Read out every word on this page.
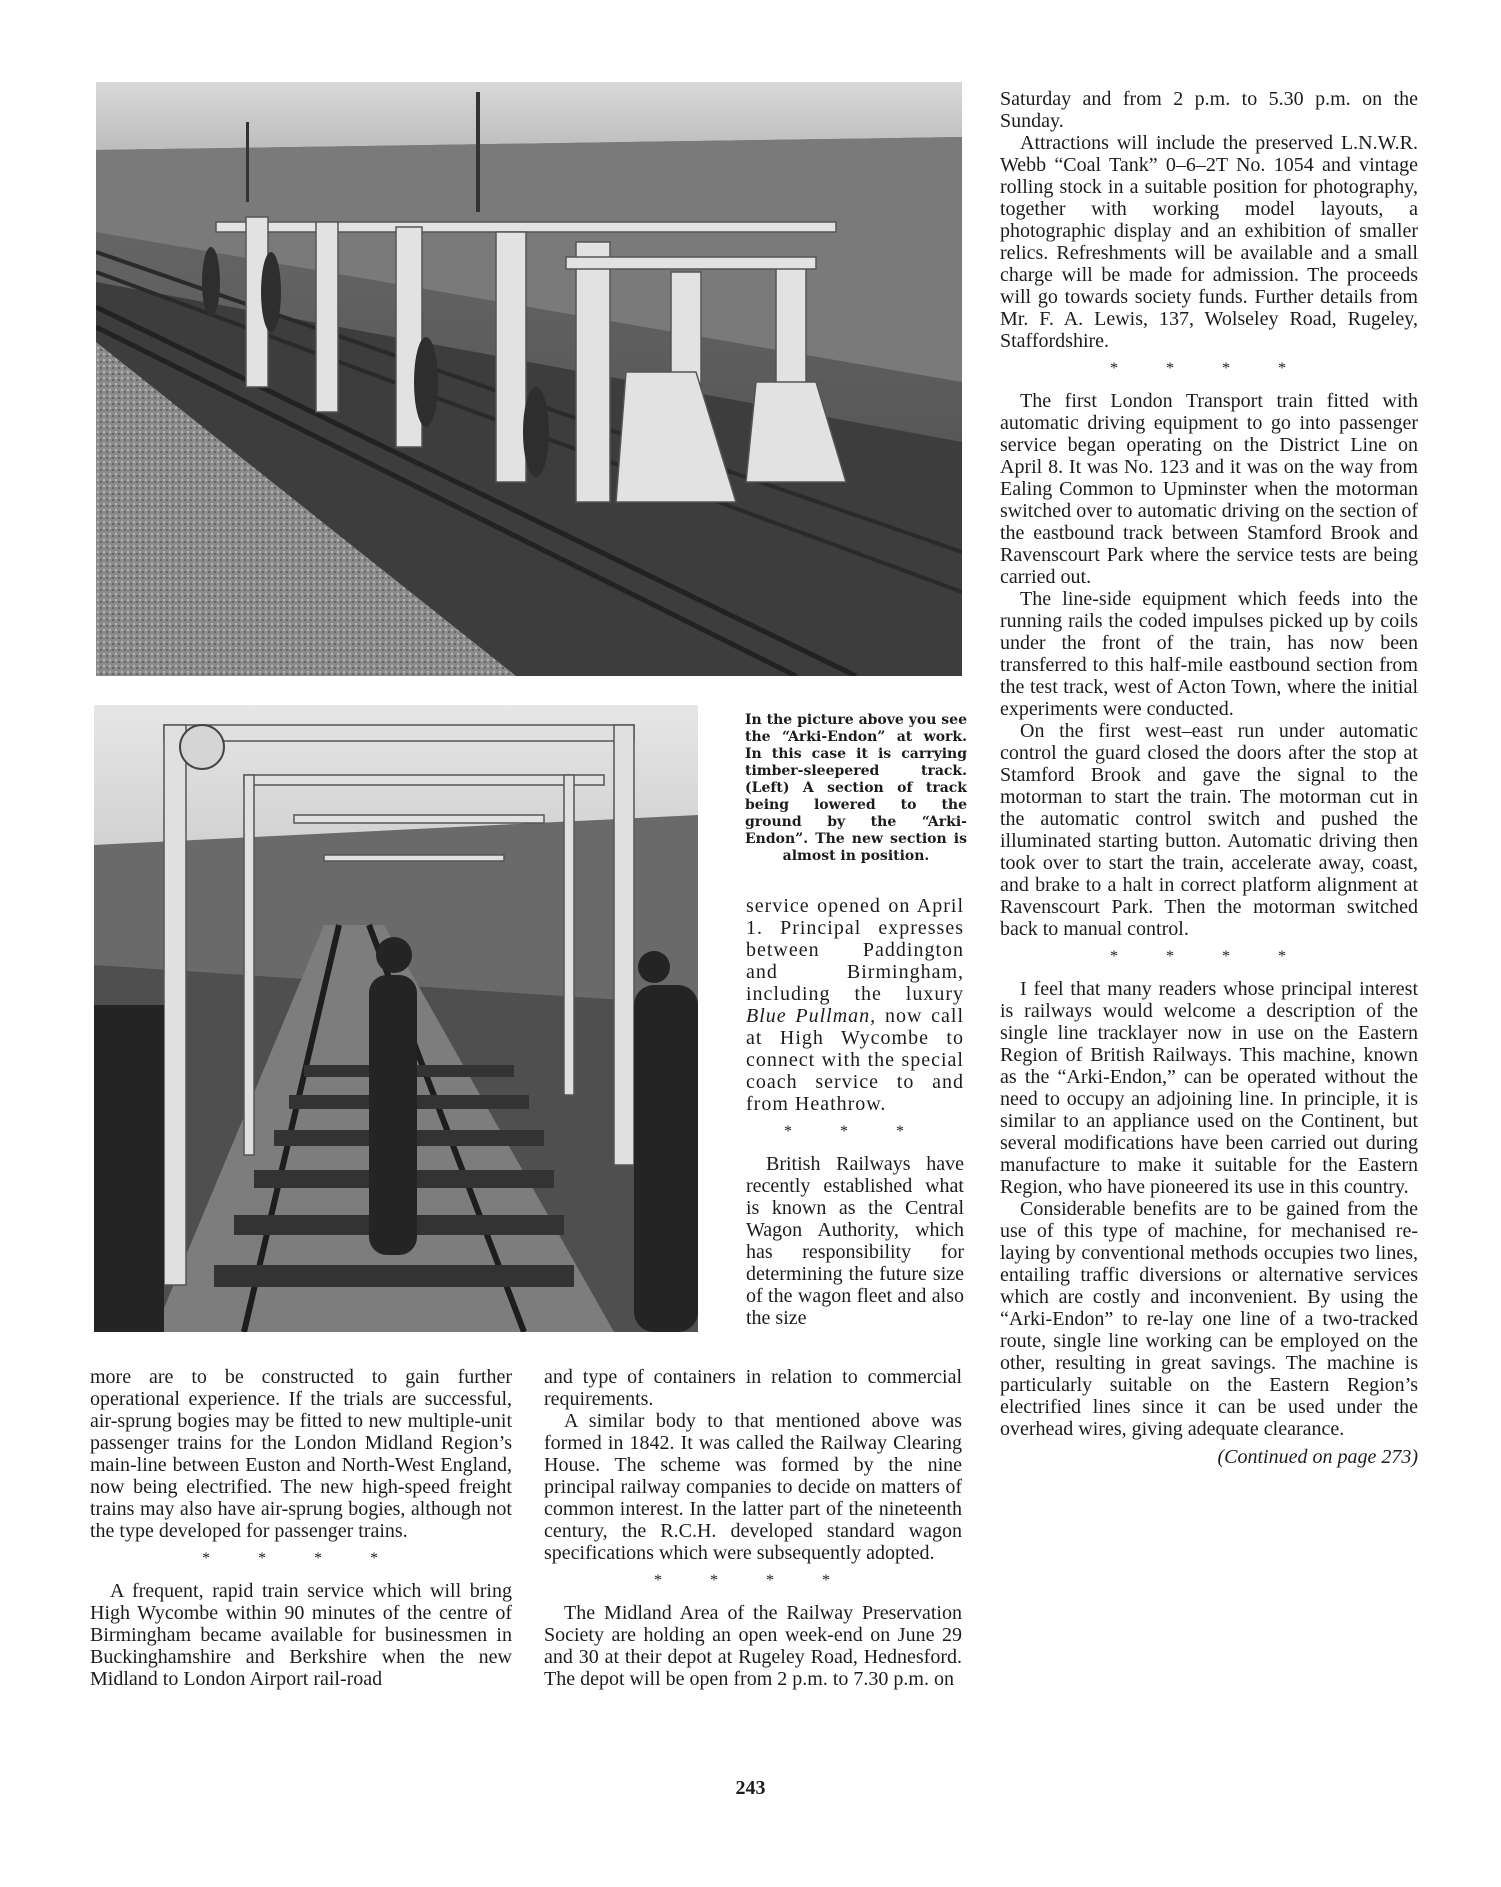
In the picture above you see the “Arki-Endon” at work. In this case it is carrying timber-sleepered track. (Left) A section of track being lowered to the ground by the “Arki-Endon”. The new section is almost in position.

service opened on April 1. Principal expresses between Paddington and Birmingham, including the luxury Blue Pullman, now call at High Wycombe to connect with the special coach service to and from Heathrow.

* * *

British Railways have recently established what is known as the Central Wagon Authority, which has responsibility for determining the future size of the wagon fleet and also the size

more are to be constructed to gain further operational experience. If the trials are successful, air-sprung bogies may be fitted to new multiple-unit passenger trains for the London Midland Region’s main-line between Euston and North-West England, now being electrified. The new high-speed freight trains may also have air-sprung bogies, although not the type developed for passenger trains.

* * * *

A frequent, rapid train service which will bring High Wycombe within 90 minutes of the centre of Birmingham became available for businessmen in Buckinghamshire and Berkshire when the new Midland to London Airport rail-road

and type of containers in relation to commercial requirements.

A similar body to that mentioned above was formed in 1842. It was called the Railway Clearing House. The scheme was formed by the nine principal railway companies to decide on matters of common interest. In the latter part of the nineteenth century, the R.C.H. developed standard wagon specifications which were subsequently adopted.

* * * *

The Midland Area of the Railway Preservation Society are holding an open week-end on June 29 and 30 at their depot at Rugeley Road, Hednesford. The depot will be open from 2 p.m. to 7.30 p.m. on

Saturday and from 2 p.m. to 5.30 p.m. on the Sunday.

Attractions will include the preserved L.N.W.R. Webb “Coal Tank” 0–6–2T No. 1054 and vintage rolling stock in a suitable position for photography, together with working model layouts, a photographic display and an exhibition of smaller relics. Refreshments will be available and a small charge will be made for admission. The proceeds will go towards society funds. Further details from Mr. F. A. Lewis, 137, Wolseley Road, Rugeley, Staffordshire.

* * * *

The first London Transport train fitted with automatic driving equipment to go into passenger service began operating on the District Line on April 8. It was No. 123 and it was on the way from Ealing Common to Upminster when the motorman switched over to automatic driving on the section of the eastbound track between Stamford Brook and Ravenscourt Park where the service tests are being carried out.

The line-side equipment which feeds into the running rails the coded impulses picked up by coils under the front of the train, has now been transferred to this half-mile eastbound section from the test track, west of Acton Town, where the initial experiments were conducted.

On the first west–east run under automatic control the guard closed the doors after the stop at Stamford Brook and gave the signal to the motorman to start the train. The motorman cut in the automatic control switch and pushed the illuminated starting button. Automatic driving then took over to start the train, accelerate away, coast, and brake to a halt in correct platform alignment at Ravenscourt Park. Then the motorman switched back to manual control.

* * * *

I feel that many readers whose principal interest is railways would welcome a description of the single line tracklayer now in use on the Eastern Region of British Railways. This machine, known as the “Arki-Endon,” can be operated without the need to occupy an adjoining line. In principle, it is similar to an appliance used on the Continent, but several modifications have been carried out during manufacture to make it suitable for the Eastern Region, who have pioneered its use in this country.

Considerable benefits are to be gained from the use of this type of machine, for mechanised re-laying by conventional methods occupies two lines, entailing traffic diversions or alternative services which are costly and inconvenient. By using the “Arki-Endon” to re-lay one line of a two-tracked route, single line working can be employed on the other, resulting in great savings. The machine is particularly suitable on the Eastern Region’s electrified lines since it can be used under the overhead wires, giving adequate clearance.

(Continued on page 273)

243
